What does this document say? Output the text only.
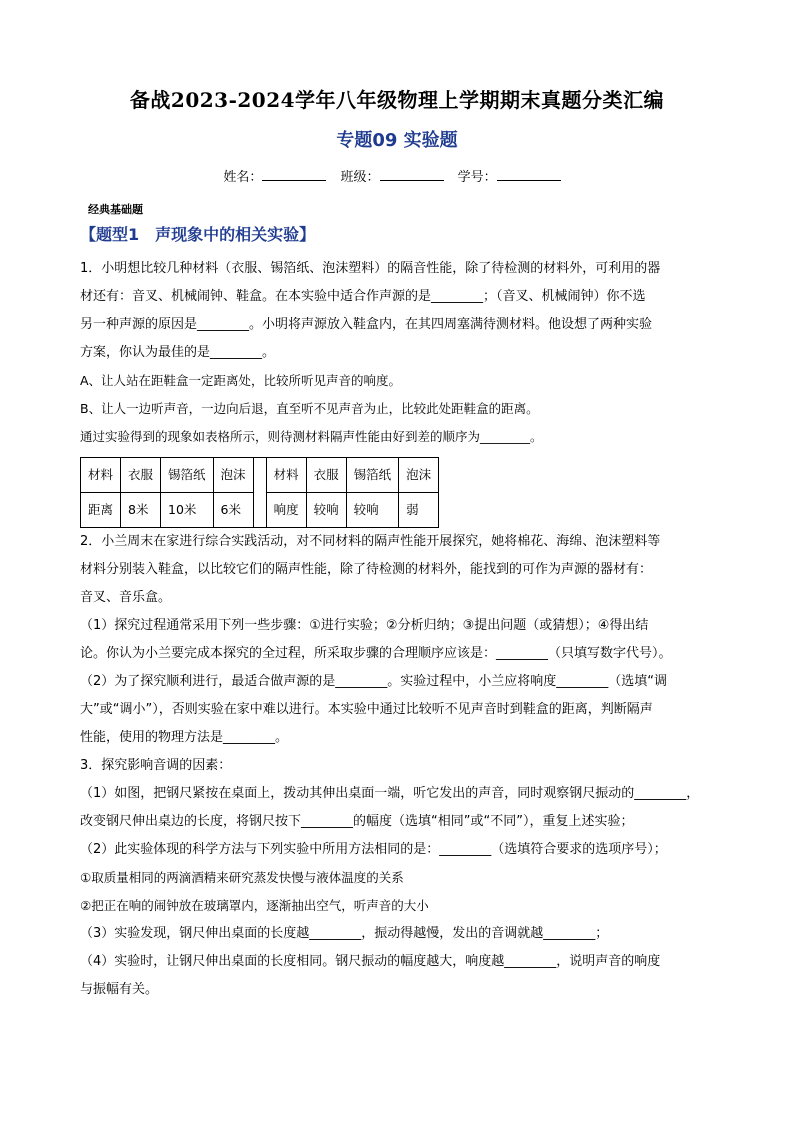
备战2023-2024学年八年级物理上学期期末真题分类汇编
专题09 实验题
姓名：	班级：	学号：
经典基础题
【题型1　声现象中的相关实验】

1．小明想比较几种材料（衣服、锡箔纸、泡沫塑料）的隔音性能，除了待检测的材料外，可利用的器

材还有：音叉、机械闹钟、鞋盒。在本实验中适合作声源的是________；（音叉、机械闹钟）你不选

另一种声源的原因是________。小明将声源放入鞋盒内，在其四周塞满待测材料。他设想了两种实验

方案，你认为最佳的是________。

A、让人站在距鞋盒一定距离处，比较所听见声音的响度。

B、让人一边听声音，一边向后退，直至听不见声音为止，比较此处距鞋盒的距离。

通过实验得到的现象如表格所示，则待测材料隔声性能由好到差的顺序为________。

材料	衣服	锡箔纸	泡沫		材料	衣服	锡箔纸	泡沫
距离	8米	10米	6米		响度	较响	较响	弱

2．小兰周末在家进行综合实践活动，对不同材料的隔声性能开展探究，她将棉花、海绵、泡沫塑料等

材料分别装入鞋盒，以比较它们的隔声性能，除了待检测的材料外，能找到的可作为声源的器材有：

音叉、音乐盒。

（1）探究过程通常采用下列一些步骤：①进行实验；②分析归纳；③提出问题（或猜想）；④得出结

论。你认为小兰要完成本探究的全过程，所采取步骤的合理顺序应该是：________（只填写数字代号）。

（2）为了探究顺利进行，最适合做声源的是________。实验过程中，小兰应将响度________（选填“调

大”或“调小”），否则实验在家中难以进行。本实验中通过比较听不见声音时到鞋盒的距离，判断隔声

性能，使用的物理方法是________。

3．探究影响音调的因素：

（1）如图，把钢尺紧按在桌面上，拨动其伸出桌面一端，听它发出的声音，同时观察钢尺振动的________，

改变钢尺伸出桌边的长度，将钢尺按下________的幅度（选填“相同”或“不同”），重复上述实验；

（2）此实验体现的科学方法与下列实验中所用方法相同的是：________（选填符合要求的选项序号）；

①取质量相同的两滴酒精来研究蒸发快慢与液体温度的关系

②把正在响的闹钟放在玻璃罩内，逐渐抽出空气，听声音的大小

（3）实验发现，钢尺伸出桌面的长度越________，振动得越慢，发出的音调就越________；

（4）实验时，让钢尺伸出桌面的长度相同。钢尺振动的幅度越大，响度越________，说明声音的响度

与振幅有关。
